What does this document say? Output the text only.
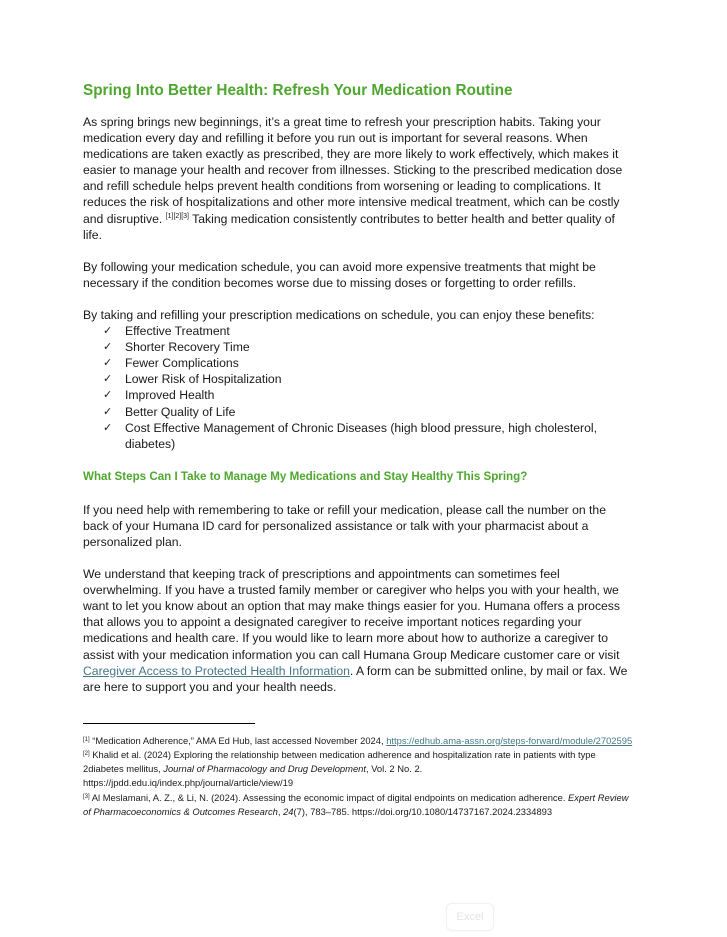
Spring Into Better Health: Refresh Your Medication Routine

As spring brings new beginnings, it’s a great time to refresh your prescription habits. Taking your medication every day and refilling it before you run out is important for several reasons. When medications are taken exactly as prescribed, they are more likely to work effectively, which makes it easier to manage your health and recover from illnesses. Sticking to the prescribed medication dose and refill schedule helps prevent health conditions from worsening or leading to complications. It reduces the risk of hospitalizations and other more intensive medical treatment, which can be costly and disruptive. [1][2][3] Taking medication consistently contributes to better health and better quality of life.

By following your medication schedule, you can avoid more expensive treatments that might be necessary if the condition becomes worse due to missing doses or forgetting to order refills.

By taking and refilling your prescription medications on schedule, you can enjoy these benefits:

✓ Effective Treatment
✓ Shorter Recovery Time
✓ Fewer Complications
✓ Lower Risk of Hospitalization
✓ Improved Health
✓ Better Quality of Life
✓ Cost Effective Management of Chronic Diseases (high blood pressure, high cholesterol, diabetes)
What Steps Can I Take to Manage My Medications and Stay Healthy This Spring?

If you need help with remembering to take or refill your medication, please call the number on the back of your Humana ID card for personalized assistance or talk with your pharmacist about a personalized plan.

We understand that keeping track of prescriptions and appointments can sometimes feel overwhelming. If you have a trusted family member or caregiver who helps you with your health, we want to let you know about an option that may make things easier for you. Humana offers a process that allows you to appoint a designated caregiver to receive important notices regarding your medications and health care. If you would like to learn more about how to authorize a caregiver to assist with your medication information you can call Humana Group Medicare customer care or visit Caregiver Access to Protected Health Information. A form can be submitted online, by mail or fax. We are here to support you and your health needs.

[1] “Medication Adherence,” AMA Ed Hub, last accessed November 2024, https://edhub.ama-assn.org/steps-forward/module/2702595

[2] Khalid et al. (2024) Exploring the relationship between medication adherence and hospitalization rate in patients with type 2diabetes mellitus, Journal of Pharmacology and Drug Development, Vol. 2 No. 2. https://jpdd.edu.iq/index.php/journal/article/view/19

[3] Al Meslamani, A. Z., & Li, N. (2024). Assessing the economic impact of digital endpoints on medication adherence. Expert Review of Pharmacoeconomics & Outcomes Research, 24(7), 783–785. https://doi.org/10.1080/14737167.2024.2334893

Excel
